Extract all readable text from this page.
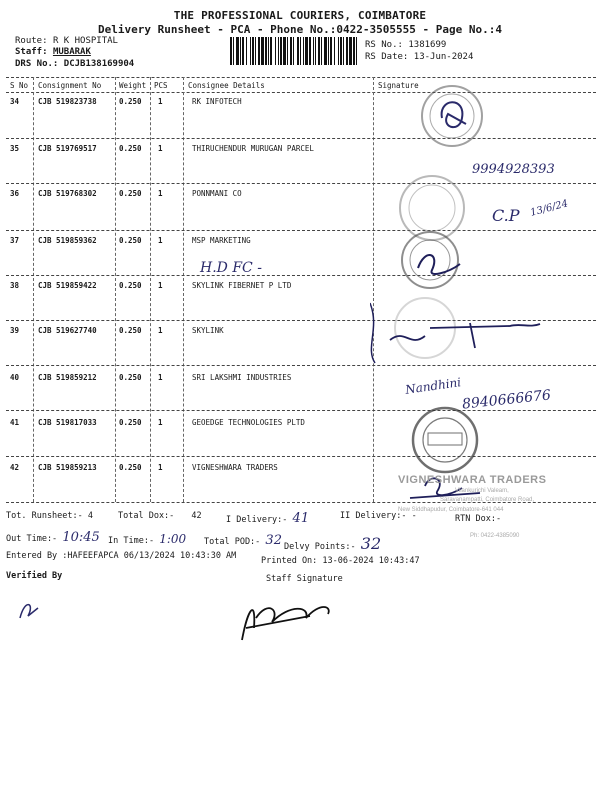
THE PROFESSIONAL COURIERS, COIMBATORE
Delivery Runsheet - PCA - Phone No.:0422-3505555 - Page No.:4
Route: R K HOSPITAL
Staff: MUBARAK
DRS No.: DCJB138169904
RS No.: 1381699
RS Date: 13-Jun-2024
S No Consignment No Weight PCS	Consignee Details	Signature
34	CJB 519823738	0.250 1	RK INFOTECH
35	CJB 519769517	0.250 1	THIRUCHENDUR MURUGAN PARCEL
36	CJB 519768302	0.250 1	PONNMANI CO
37	CJB 519859362	0.250 1	MSP MARKETING
38	CJB 519859422	0.250 1	SKYLINK FIBERNET P LTD
39	CJB 519627740	0.250 1	SKYLINK
40	CJB 519859212	0.250 1	SRI LAKSHMI INDUSTRIES
41	CJB 519817033	0.250 1	GEOEDGE TECHNOLOGIES PLTD
42	CJB 519859213	0.250 1	VIGNESHWARA TRADERS
VIGNESHWARA TRADERS
Vilankurichi Valeam,
Saravanampatti, Coimbatore Road,
New Siddhapudur, Coimbatore-641 044
Ph: 0422-4385090
9994928393
C.P 13/6/24
H.D FC -
Nandhini
8940666676
Tot. Runsheet:- 4	Total Dox:- 42	I Delivery:- 41	II Delivery:- -	RTN Dox:-
Out Time:- 10:45 In Time:- 1:00 Total POD:- 32 Delvy Points:- 32
Entered By :HAFEEFAPCA 06/13/2024 10:43:30 AM	Printed On: 13-06-2024 10:43:47
Verified By	Staff Signature
